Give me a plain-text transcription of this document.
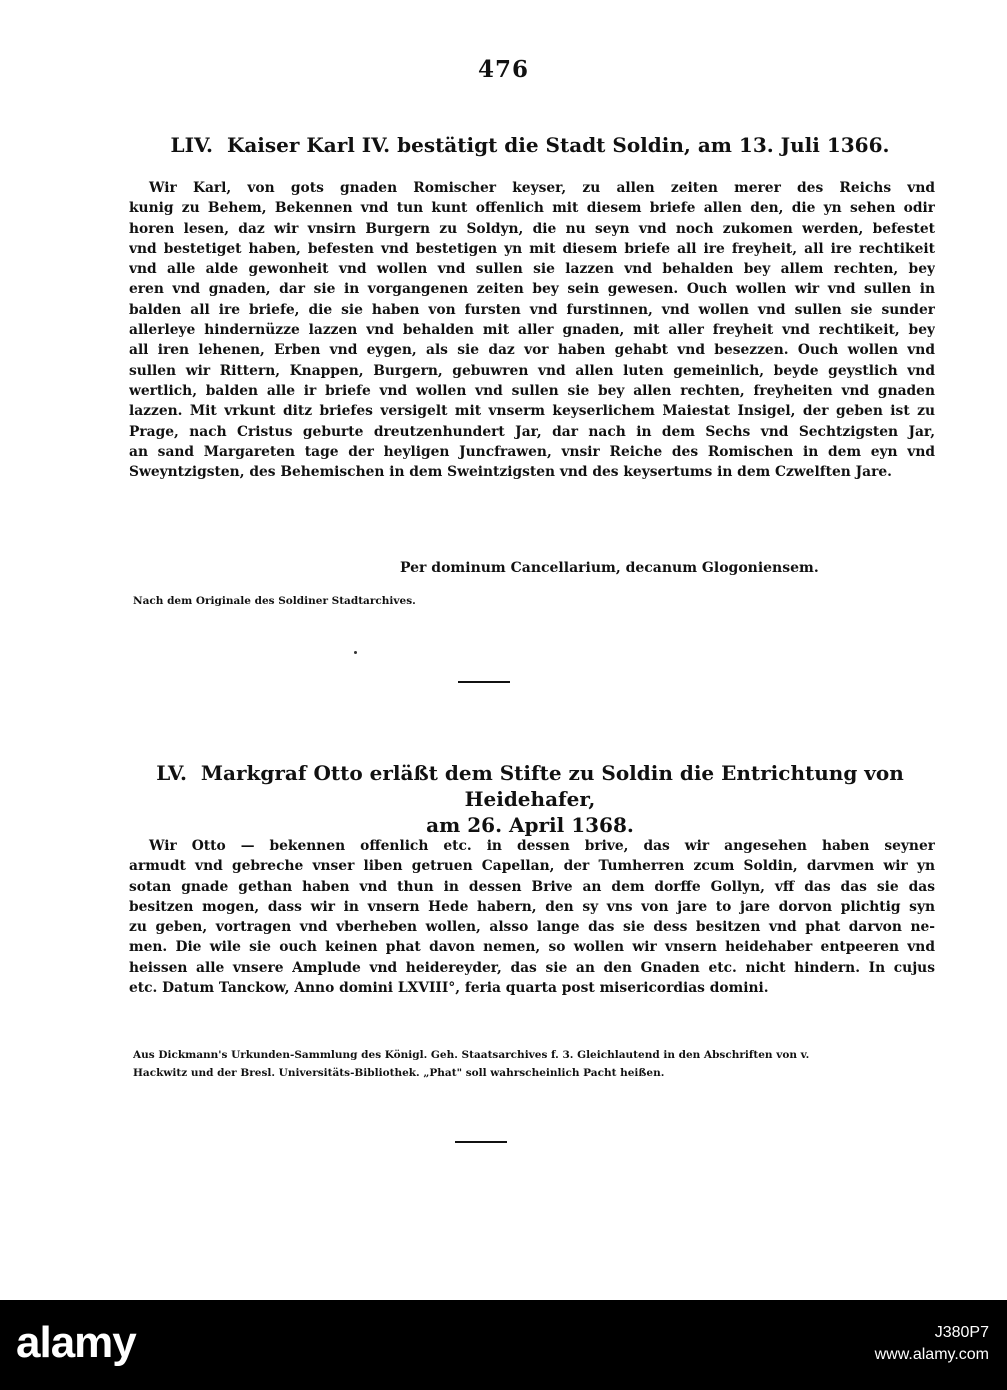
476
LIV. Kaiser Karl IV. bestätigt die Stadt Soldin, am 13. Juli 1366.
Wir Karl, von gots gnaden Romischer keyser, zu allen zeiten merer des Reichs vnd
kunig zu Behem, Bekennen vnd tun kunt offenlich mit diesem briefe allen den, die yn sehen odir
horen lesen, daz wir vnsirn Burgern zu Soldyn, die nu seyn vnd noch zukomen werden, befestet
vnd bestetiget haben, befesten vnd bestetigen yn mit diesem briefe all ire freyheit, all ire rechtikeit
vnd alle alde gewonheit vnd wollen vnd sullen sie lazzen vnd behalden bey allem rechten, bey
eren vnd gnaden, dar sie in vorgangenen zeiten bey sein gewesen. Ouch wollen wir vnd sullen in
balden all ire briefe, die sie haben von fursten vnd furstinnen, vnd wollen vnd sullen sie sunder
allerleye hindernüzze lazzen vnd behalden mit aller gnaden, mit aller freyheit vnd rechtikeit, bey
all iren lehenen, Erben vnd eygen, als sie daz vor haben gehabt vnd besezzen. Ouch wollen vnd
sullen wir Rittern, Knappen, Burgern, gebuwren vnd allen luten gemeinlich, beyde geystlich vnd
wertlich, balden alle ir briefe vnd wollen vnd sullen sie bey allen rechten, freyheiten vnd gnaden
lazzen. Mit vrkunt ditz briefes versigelt mit vnserm keyserlichem Maiestat Insigel, der geben ist zu
Prage, nach Cristus geburte dreutzenhundert Jar, dar nach in dem Sechs vnd Sechtzigsten Jar,
an sand Margareten tage der heyligen Juncfrawen, vnsir Reiche des Romischen in dem eyn vnd
Sweyntzigsten, des Behemischen in dem Sweintzigsten vnd des keysertums in dem Czwelften Jare.
Per dominum Cancellarium, decanum Glogoniensem.
Nach dem Originale des Soldiner Stadtarchives.
LV. Markgraf Otto erläßt dem Stifte zu Soldin die Entrichtung von Heidehafer,
am 26. April 1368.
Wir Otto — bekennen offenlich etc. in dessen brive, das wir angesehen haben seyner
armudt vnd gebreche vnser liben getruen Capellan, der Tumherren zcum Soldin, darvmen wir yn
sotan gnade gethan haben vnd thun in dessen Brive an dem dorffe Gollyn, vff das das sie das
besitzen mogen, dass wir in vnsern Hede habern, den sy vns von jare to jare dorvon plichtig syn
zu geben, vortragen vnd vberheben wollen, alsso lange das sie dess besitzen vnd phat darvon ne-
men. Die wile sie ouch keinen phat davon nemen, so wollen wir vnsern heidehaber entpeeren vnd
heissen alle vnsere Amplude vnd heidereyder, das sie an den Gnaden etc. nicht hindern. In cujus
etc. Datum Tanckow, Anno domini LXVIII°, feria quarta post misericordias domini.
Aus Dickmann's Urkunden-Sammlung des Königl. Geh. Staatsarchives f. 3. Gleichlautend in den Abschriften von v.
Hackwitz und der Bresl. Universitäts-Bibliothek. „Phat" soll wahrscheinlich Pacht heißen.
alamy	J380P7
www.alamy.com
